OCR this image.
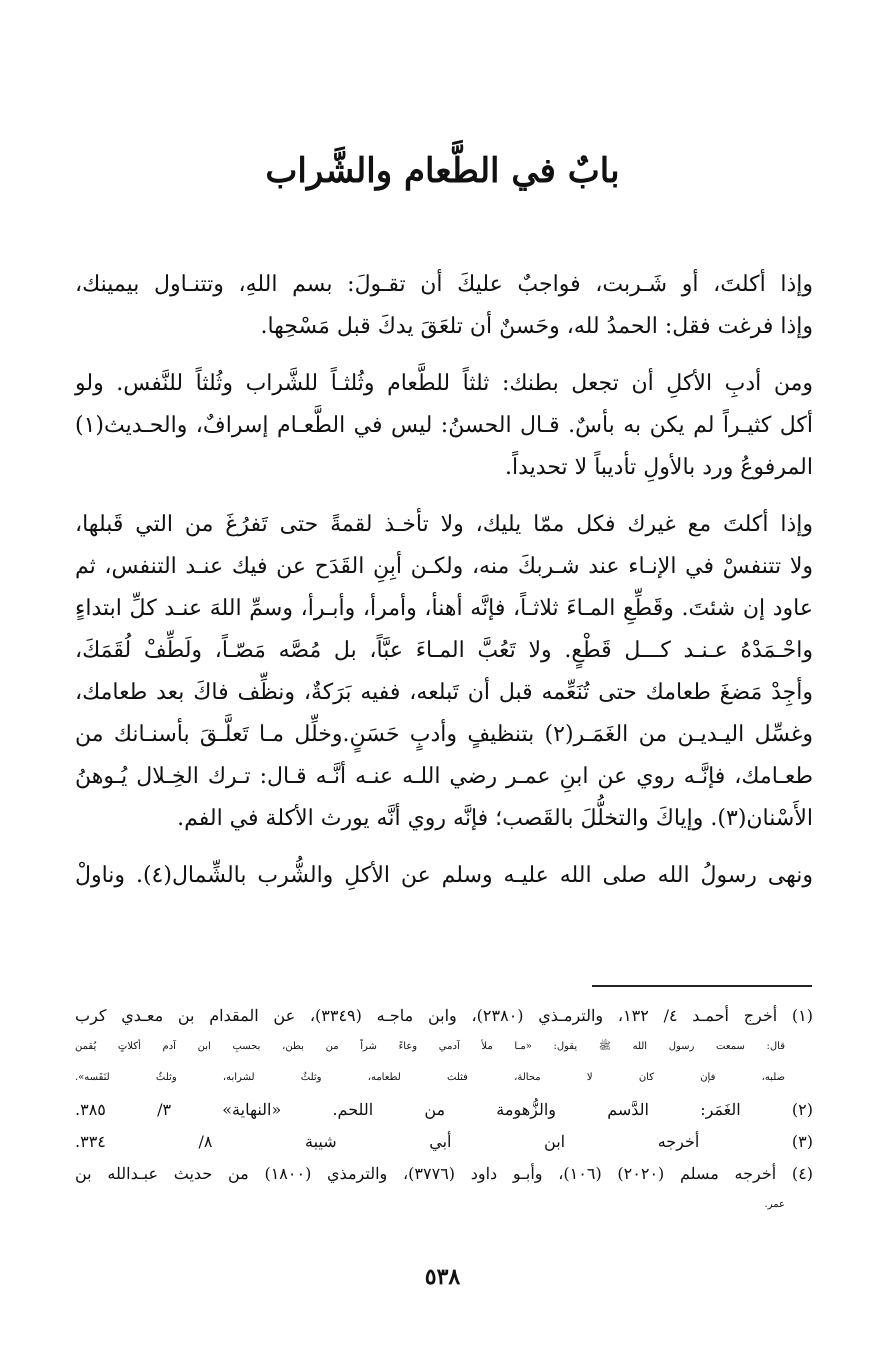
بابٌ في الطَّعام والشَّراب

وإذا أكلتَ، أو شَـربت، فواجبٌ عليكَ أن تقـولَ: بسم اللهِ، وتتنـاول بيمينك،
وإذا فرغت فقل: الحمدُ لله، وحَسنٌ أن تلعَقَ يدكَ قبل مَسْحِها.

ومن أدبِ الأكلِ أن تجعل بطنك: ثلثاً للطَّعام وثُلثـاً للشَّراب وثُلثاً للنَّفس. ولو
أكل كثيـراً لم يكن به بأسٌ. قـال الحسنُ: ليس في الطَّعـام إسرافٌ، والحـديث(١)
المرفوعُ ورد بالأولِ تأديباً لا تحديداً.

وإذا أكلتَ مع غيرك فكل ممّا يليك، ولا تأخـذ لقمةً حتى تَفرُغَ من التي قَبلها،
ولا تتنفسْ في الإنـاء عند شـربكَ منه، ولكـن أبِنِ القَدَح عن فيك عنـد التنفس، ثم
عاود إن شئتَ. وقَطِّعِ المـاءَ ثلاثـاً، فإنَّه أهنأ، وأمرأ، وأبـرأ، وسمِّ اللهَ عنـد كلِّ ابتداءٍ
واحْـمَدْهُ عـنـد كـــل قَطْعٍ. ولا تَعُبَّ المـاءَ عبَّاً، بل مُصَّه مَصّـاً، ولَطِّفْ لُقَمَكَ،
وأجِدْ مَضغَ طعامك حتى تُنَعِّمه قبل أن تَبلعه، ففيه بَرَكةٌ، ونظِّف فاكَ بعد طعامك،
وغسِّل اليـديـن من الغَمَـر(٢) بتنظيفٍ وأدبٍ حَسَنٍ.وخلِّل مـا تَعلَّـقَ بأسنـانك من
طعـامك، فإنَّـه روي عن ابنِ عمـر رضي اللـه عنـه أنَّـه قـال: تـرك الخِـلال يُـوهنُ
الأَسْنان(٣). وإياكَ والتخلُّلَ بالقَصب؛ فإنَّه روي أنَّه يورث الأكلة في الفم.

ونهى رسولُ الله صلى الله عليـه وسلم عن الأكلِ والشُّرب بالشِّمال(٤). وناولْ

(١) أخرج أحمـد ٤/ ١٣٢، والترمـذي (٢٣٨٠)، وابن ماجـه (٣٣٤٩)، عن المقدام بن معـدي كرب
قال: سمعت رسول الله ﷺ يقول: «مـا ملأ آدمي وعاءً شراً من بطن، بحسبِ ابن آدم أكلاتٍ يُقمن
صلبه، فإن كان لا محالة، فثلث لطعامه، وثلثٌ لشرابه، وثلثٌ لنَفَسه».
(٢) الغَمَر: الدَّسم والزُّهومة من اللحم. «النهاية» ٣/ ٣٨٥.
(٣) أخرجه ابن أبي شيبة ٨/ ٣٣٤.
(٤) أخرجه مسلم (٢٠٢٠) (١٠٦)، وأبـو داود (٣٧٧٦)، والترمذي (١٨٠٠) من حديث عبـدالله بن
عمر.
٥٣٨
